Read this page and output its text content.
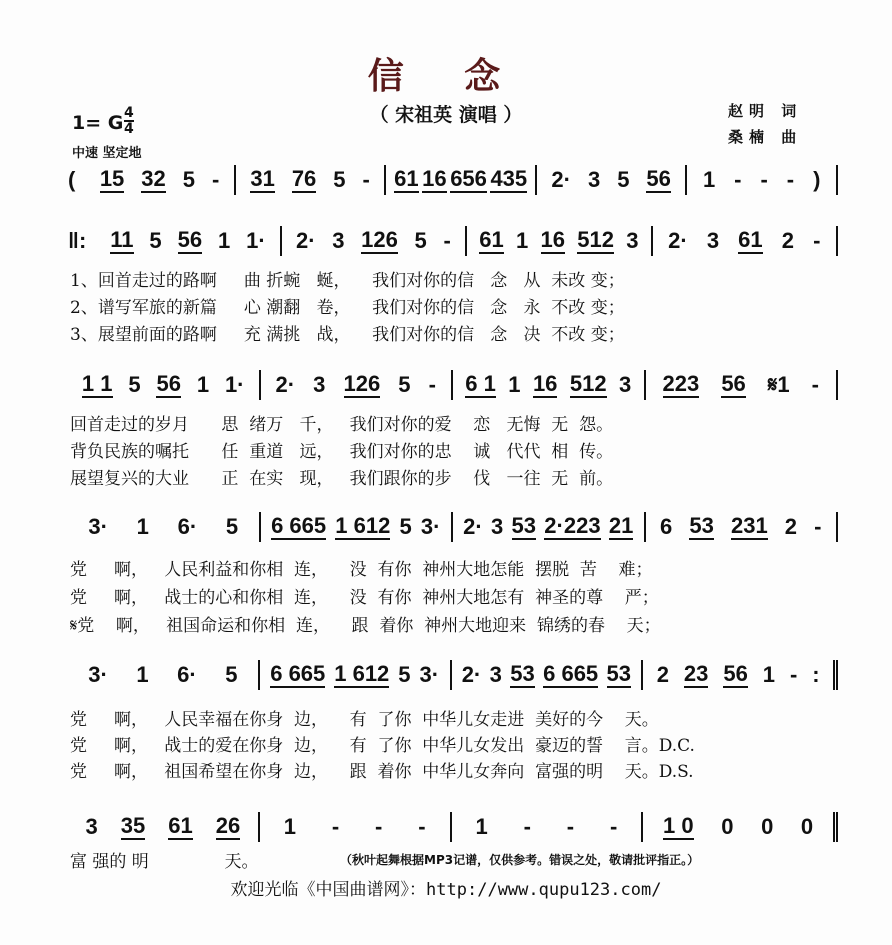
信 念
（ 宋祖英 演唱 ）
1= G 4
4
中速 坚定地
赵明 词
桑楠 曲
(	15 32 5 - 31 76 5 - 61 16 656 435 2· 3 5 56 1 - - - )
‖:	11 5 56 1 1· 2· 3 126 5 - 61 1 16 512 3 2· 3 61 2 -
1、回首走过的路啊     曲 折蜿   蜒，    我们对你的信   念   从  未改 变；
2、谱写军旅的新篇     心 潮翻   卷，    我们对你的信   念   永  不改 变；
3、展望前面的路啊     充 满挑   战，    我们对你的信   念   决  不改 变；
1 1 5 56 1 1· 2· 3 126 5 - 6 1 1 16 512 3 223 56 𝄋1 -
回首走过的岁月      思  绪万   千，   我们对你的爱    恋   无悔  无  怨。
背负民族的嘱托      任  重道   远，   我们对你的忠    诚   代代  相  传。
展望复兴的大业      正  在实   现，   我们跟你的步    伐   一往  无  前。
3· 1 6· 5 6 665 1 612 5 3· 2· 3 53 2·223 21 6 53 231 2 -
党     啊，   人民利益和你相  连，    没  有你  神州大地怎能  摆脱  苦    难；
党     啊，   战士的心和你相  连，    没  有你  神州大地怎有  神圣的尊    严；
𝄋党    啊，   祖国命运和你相  连，    跟  着你  神州大地迎来  锦绣的春    天；
3· 1 6· 5 6 665 1 612 5 3· 2· 3 53 6 665 53 2 23 56 1 - :
党     啊，   人民幸福在你身  边，    有  了你  中华儿女走进  美好的今    天。
党     啊，   战士的爱在你身  边，    有  了你  中华儿女发出  豪迈的誓    言。D.C.
党     啊，   祖国希望在你身  边，    跟  着你  中华儿女奔向  富强的明    天。D.S.
3 35 61 26 1 - - - 1 - - - 1 0 0 0 0
富 强的 明              天。	（秋叶起舞根据MP3记谱，仅供参考。错误之处，敬请批评指正。）
欢迎光临《中国曲谱网》：http://www.qupu123.com/
